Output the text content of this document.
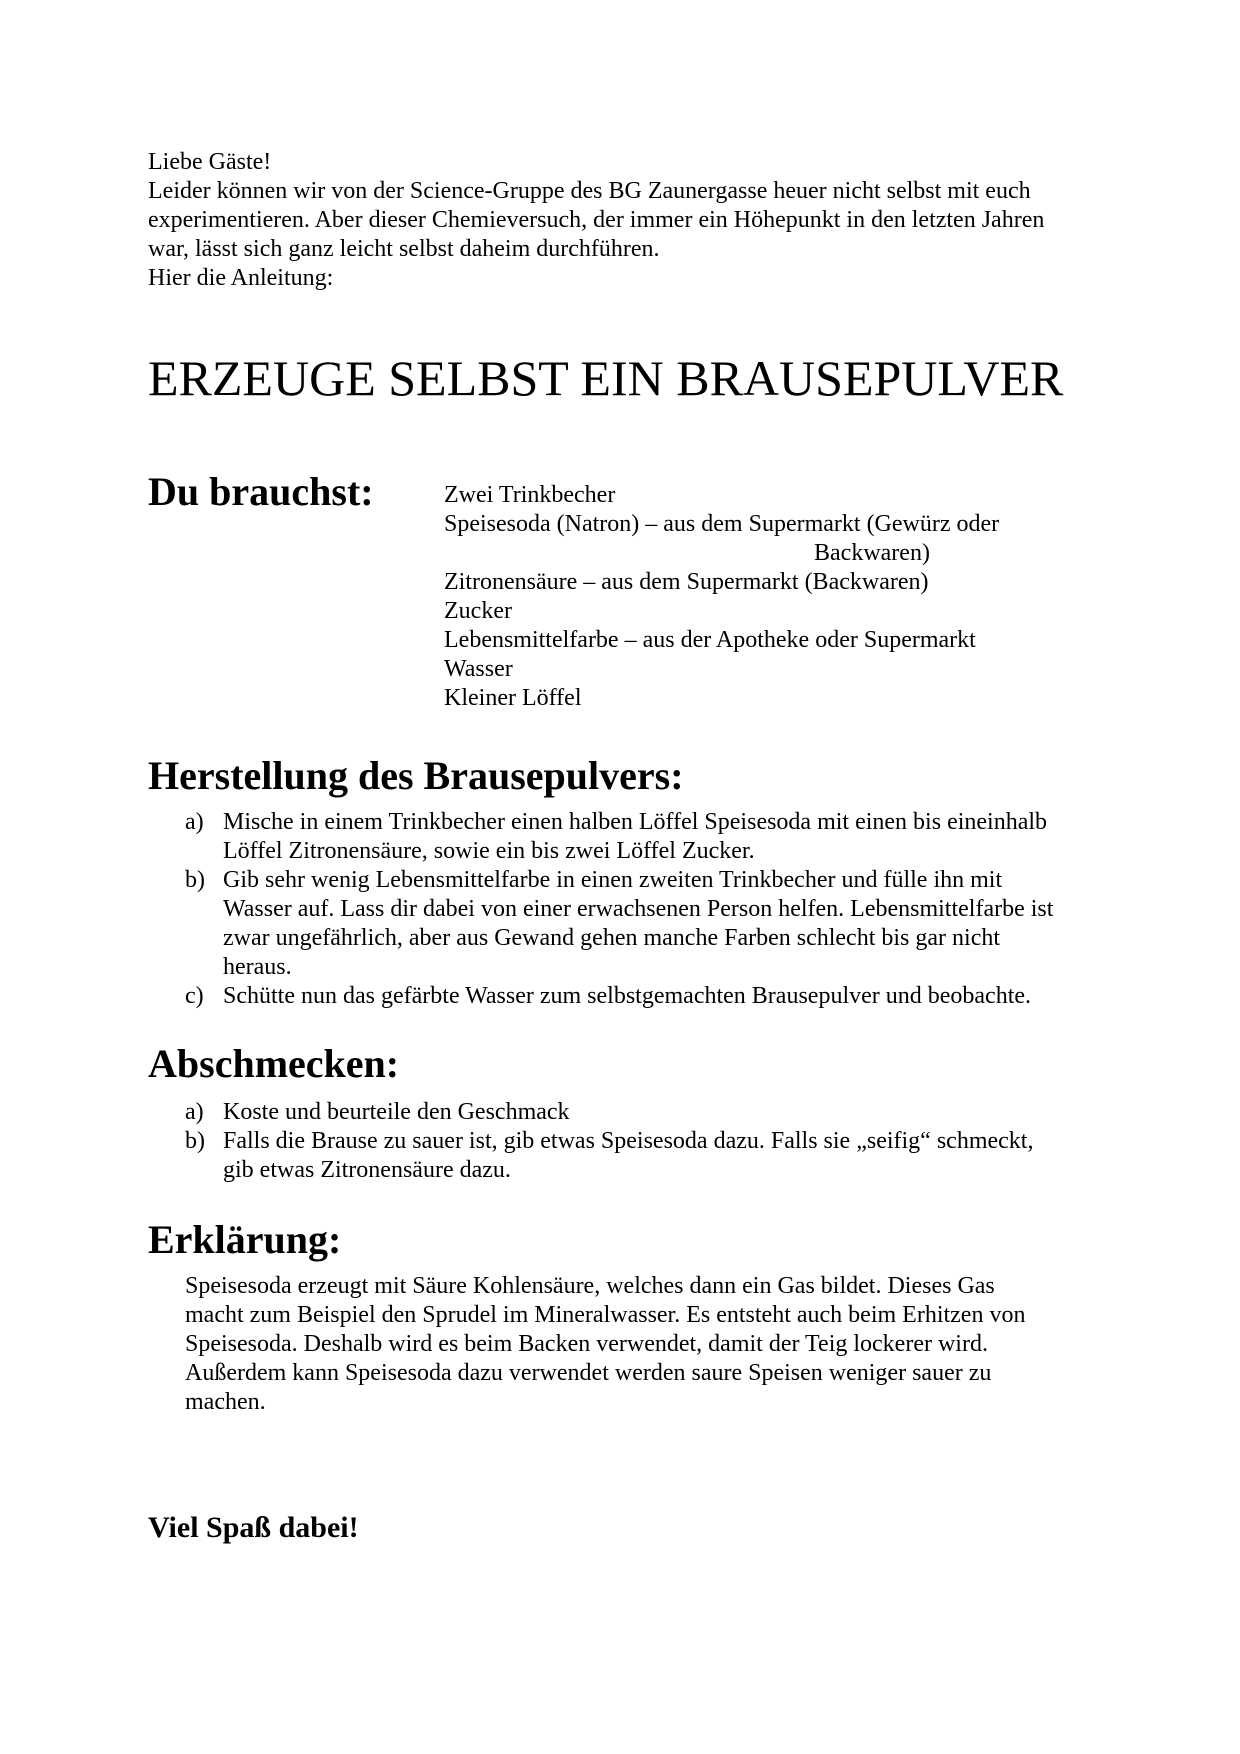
Liebe Gäste!
Leider können wir von der Science-Gruppe des BG Zaunergasse heuer nicht selbst mit euch
experimentieren. Aber dieser Chemieversuch, der immer ein Höhepunkt in den letzten Jahren
war, lässt sich ganz leicht selbst daheim durchführen.
Hier die Anleitung:
ERZEUGE SELBST EIN BRAUSEPULVER
Du brauchst:	Zwei Trinkbecher
Speisesoda (Natron) – aus dem Supermarkt (Gewürz oder
Backwaren)
Zitronensäure – aus dem Supermarkt (Backwaren)
Zucker
Lebensmittelfarbe – aus der Apotheke oder Supermarkt
Wasser
Kleiner Löffel
Herstellung des Brausepulvers:
a) Mische in einem Trinkbecher einen halben Löffel Speisesoda mit einen bis eineinhalb
Löffel Zitronensäure, sowie ein bis zwei Löffel Zucker.
b) Gib sehr wenig Lebensmittelfarbe in einen zweiten Trinkbecher und fülle ihn mit
Wasser auf. Lass dir dabei von einer erwachsenen Person helfen. Lebensmittelfarbe ist
zwar ungefährlich, aber aus Gewand gehen manche Farben schlecht bis gar nicht
heraus.
c) Schütte nun das gefärbte Wasser zum selbstgemachten Brausepulver und beobachte.
Abschmecken:
a) Koste und beurteile den Geschmack
b) Falls die Brause zu sauer ist, gib etwas Speisesoda dazu. Falls sie „seifig“ schmeckt,
gib etwas Zitronensäure dazu.
Erklärung:
Speisesoda erzeugt mit Säure Kohlensäure, welches dann ein Gas bildet. Dieses Gas
macht zum Beispiel den Sprudel im Mineralwasser. Es entsteht auch beim Erhitzen von
Speisesoda. Deshalb wird es beim Backen verwendet, damit der Teig lockerer wird.
Außerdem kann Speisesoda dazu verwendet werden saure Speisen weniger sauer zu
machen.
Viel Spaß dabei!
